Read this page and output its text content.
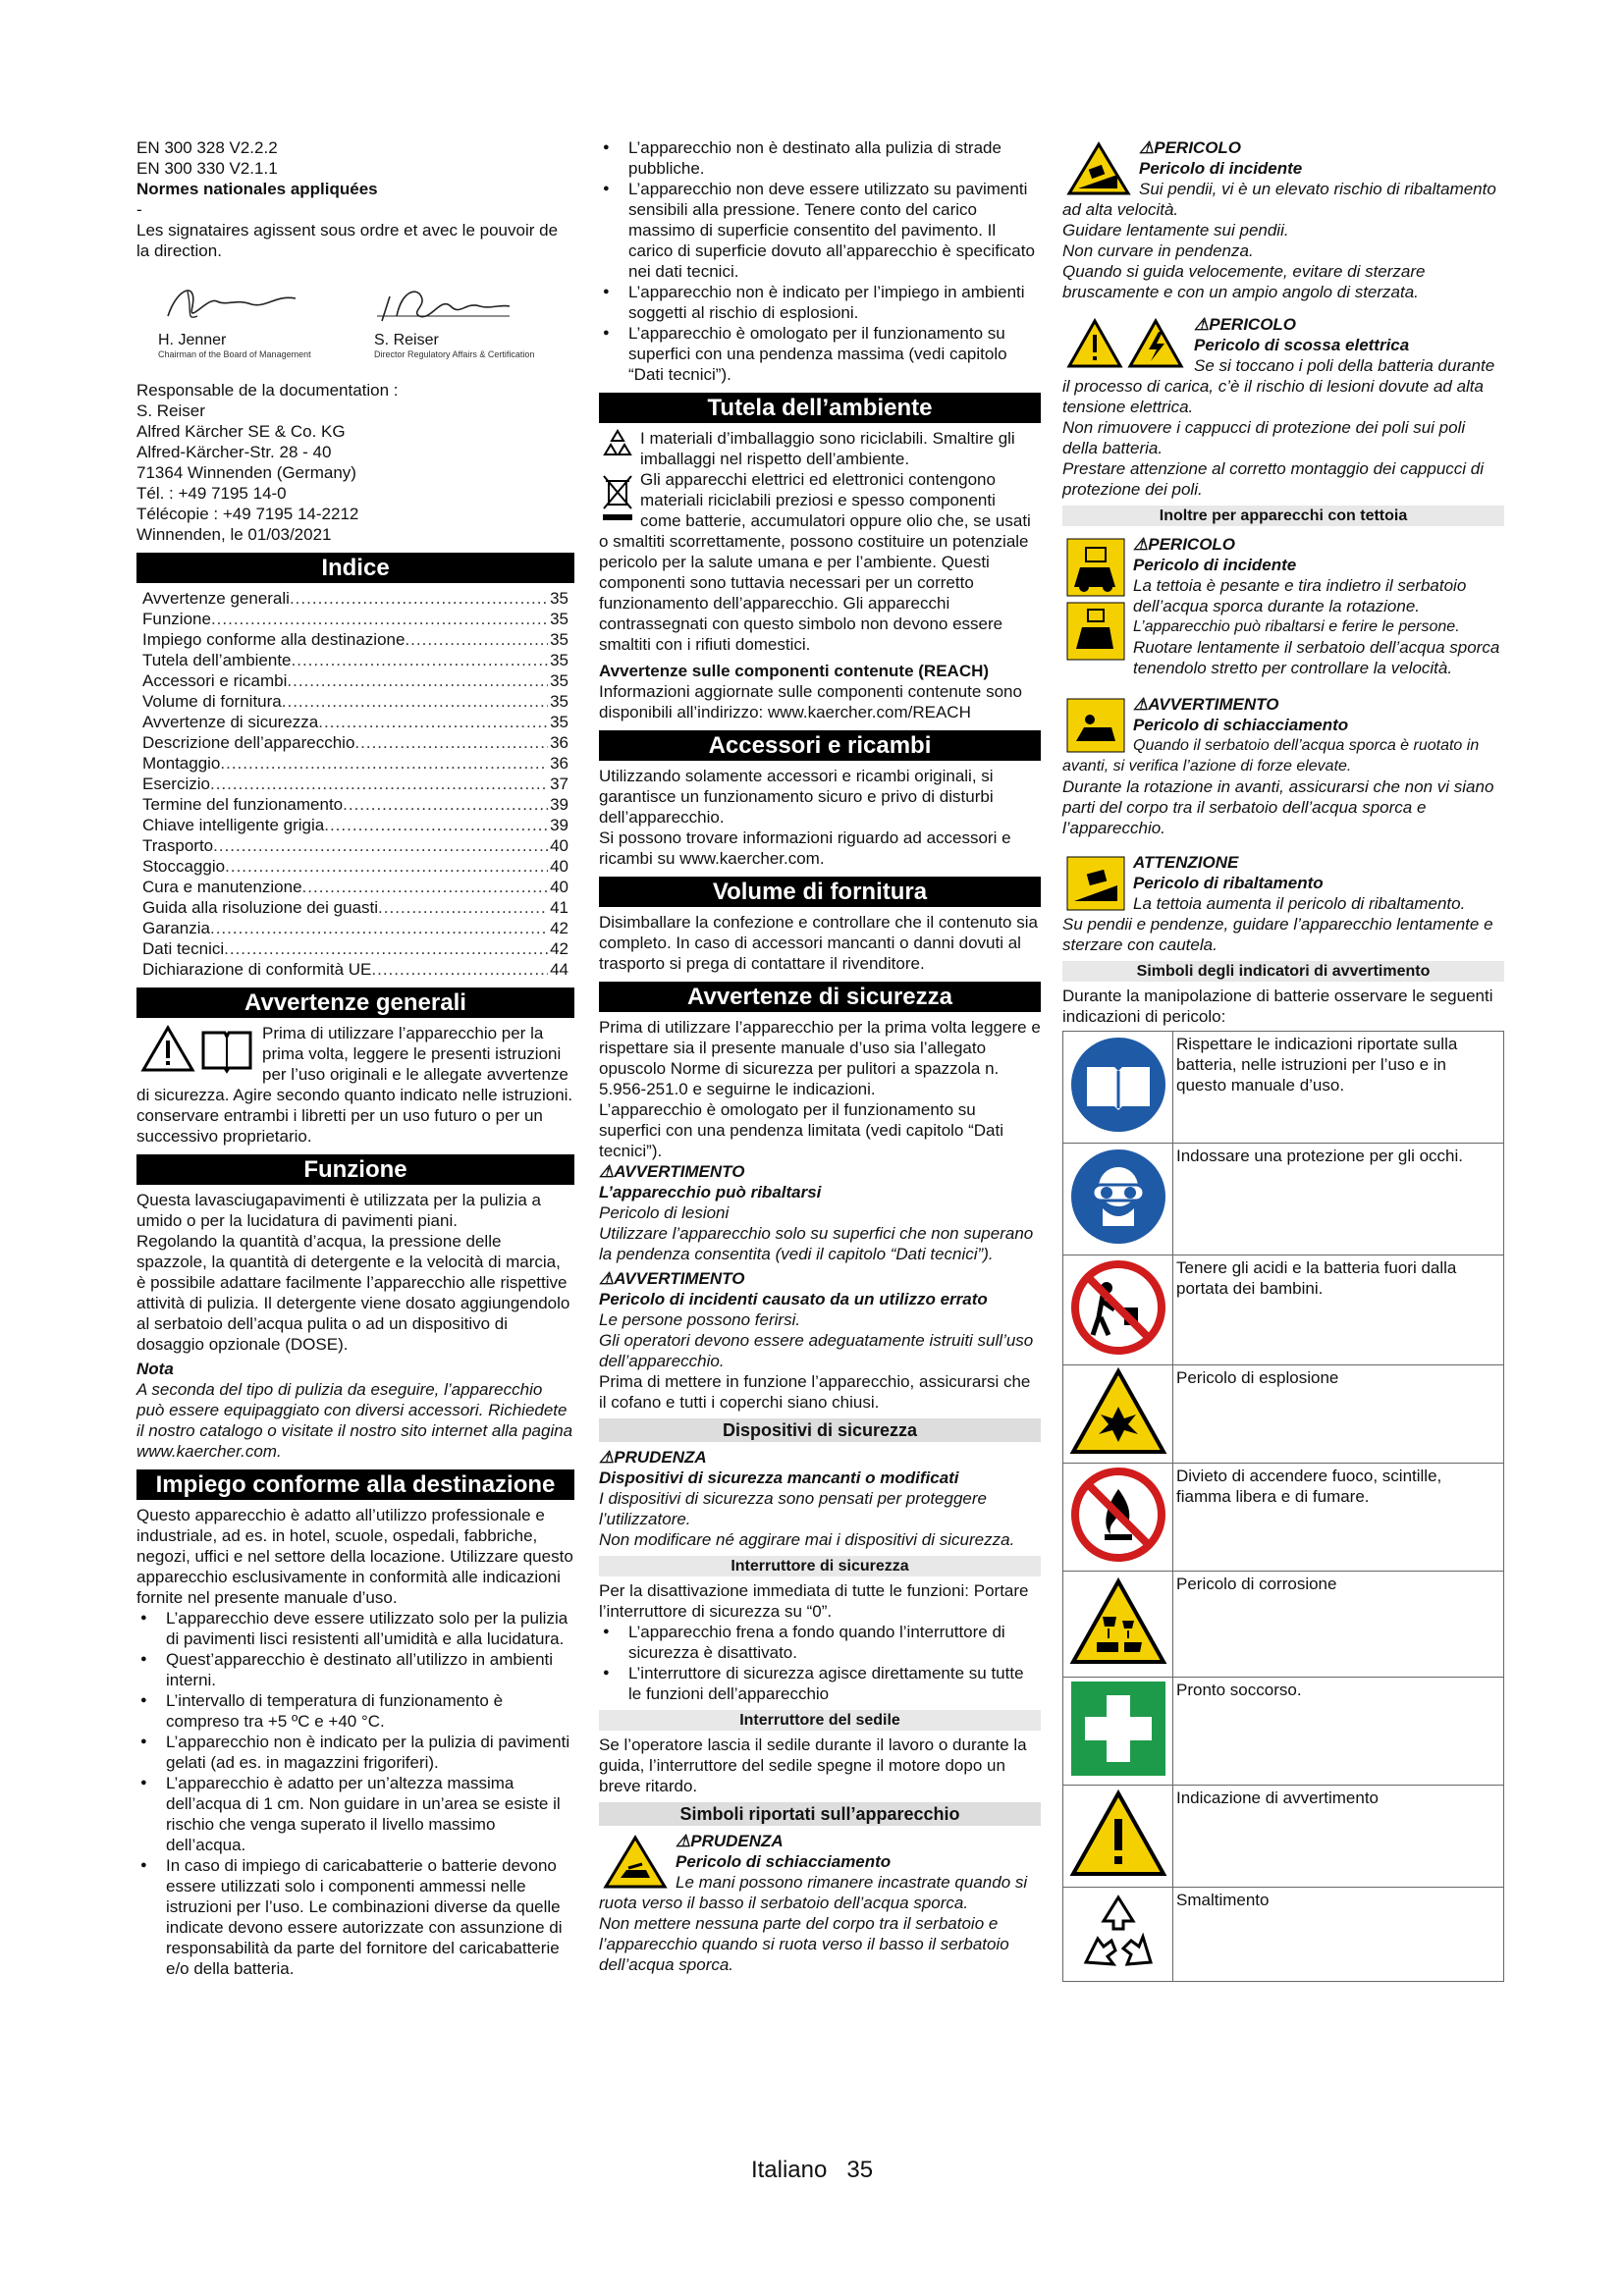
EN 300 328 V2.2.2

EN 300 330 V2.1.1

Normes nationales appliquées

-

Les signataires agissent sous ordre et avec le pouvoir de la direction.

H. Jenner
Chairman of the Board of Management
S. Reiser
Director Regulatory Affairs & Certification

Responsable de la documentation :

S. Reiser

Alfred Kärcher SE & Co. KG

Alfred-Kärcher-Str. 28 - 40

71364 Winnenden (Germany)

Tél. : +49 7195 14-0

Télécopie : +49 7195 14-2212

Winnenden, le 01/03/2021

Indice
Avvertenze generali .....	35
Funzione .....	35
Impiego conforme alla destinazione .....	35
Tutela dell’ambiente .....	35
Accessori e ricambi .....	35
Volume di fornitura .....	35
Avvertenze di sicurezza .....	35
Descrizione dell’apparecchio .....	36
Montaggio .....	36
Esercizio .....	37
Termine del funzionamento .....	39
Chiave intelligente grigia .....	39
Trasporto .....	40
Stoccaggio .....	40
Cura e manutenzione .....	40
Guida alla risoluzione dei guasti .....	41
Garanzia .....	42
Dati tecnici .....	42
Dichiarazione di conformità UE .....	44
Avvertenze generali

Prima di utilizzare l’apparecchio per la prima volta, leggere le presenti istruzioni per l’uso originali e le allegate avvertenze di sicurezza. Agire secondo quanto indicato nelle istruzioni.

conservare entrambi i libretti per un uso futuro o per un successivo proprietario.

Funzione

Questa lavasciugapavimenti è utilizzata per la pulizia a umido o per la lucidatura di pavimenti piani.

Regolando la quantità d’acqua, la pressione delle spazzole, la quantità di detergente e la velocità di marcia, è possibile adattare facilmente l’apparecchio alle rispettive attività di pulizia. Il detergente viene dosato aggiungendolo al serbatoio dell’acqua pulita o ad un dispositivo di dosaggio opzionale (DOSE).

Nota

A seconda del tipo di pulizia da eseguire, l’apparecchio può essere equipaggiato con diversi accessori. Richiedete il nostro catalogo o visitate il nostro sito internet alla pagina www.kaercher.com.

Impiego conforme alla destinazione

Questo apparecchio è adatto all’utilizzo professionale e industriale, ad es. in hotel, scuole, ospedali, fabbriche, negozi, uffici e nel settore della locazione. Utilizzare questo apparecchio esclusivamente in conformità alle indicazioni fornite nel presente manuale d’uso.

● L’apparecchio deve essere utilizzato solo per la pulizia di pavimenti lisci resistenti all’umidità e alla lucidatura.
● Quest’apparecchio è destinato all’utilizzo in ambienti interni.
● L’intervallo di temperatura di funzionamento è compreso tra +5 ºC e +40 °C.
● L’apparecchio non è indicato per la pulizia di pavimenti gelati (ad es. in magazzini frigoriferi).
● L’apparecchio è adatto per un’altezza massima dell’acqua di 1 cm. Non guidare in un’area se esiste il rischio che venga superato il livello massimo dell’acqua.
● In caso di impiego di caricabatterie o batterie devono essere utilizzati solo i componenti ammessi nelle istruzioni per l’uso. Le combinazioni diverse da quelle indicate devono essere autorizzate con assunzione di responsabilità da parte del fornitore del caricabatterie e/o della batteria.
● L’apparecchio non è destinato alla pulizia di strade pubbliche.
● L’apparecchio non deve essere utilizzato su pavimenti sensibili alla pressione. Tenere conto del carico massimo di superficie consentito del pavimento. Il carico di superficie dovuto all’apparecchio è specificato nei dati tecnici.
● L’apparecchio non è indicato per l’impiego in ambienti soggetti al rischio di esplosioni.
● L’apparecchio è omologato per il funzionamento su superfici con una pendenza massima (vedi capitolo “Dati tecnici”).
Tutela dell’ambiente

I materiali d’imballaggio sono riciclabili. Smaltire gli imballaggi nel rispetto dell’ambiente.

Gli apparecchi elettrici ed elettronici contengono materiali riciclabili preziosi e spesso componenti come batterie, accumulatori oppure olio che, se usati o smaltiti scorrettamente, possono costituire un potenziale pericolo per la salute umana e per l’ambiente. Questi componenti sono tuttavia necessari per un corretto funzionamento dell’apparecchio. Gli apparecchi contrassegnati con questo simbolo non devono essere smaltiti con i rifiuti domestici.

Avvertenze sulle componenti contenute (REACH)

Informazioni aggiornate sulle componenti contenute sono disponibili all’indirizzo: www.kaercher.com/REACH

Accessori e ricambi

Utilizzando solamente accessori e ricambi originali, si garantisce un funzionamento sicuro e privo di disturbi dell’apparecchio.

Si possono trovare informazioni riguardo ad accessori e ricambi su www.kaercher.com.

Volume di fornitura

Disimballare la confezione e controllare che il contenuto sia completo. In caso di accessori mancanti o danni dovuti al trasporto si prega di contattare il rivenditore.

Avvertenze di sicurezza

Prima di utilizzare l’apparecchio per la prima volta leggere e rispettare sia il presente manuale d’uso sia l’allegato opuscolo Norme di sicurezza per pulitori a spazzola n. 5.956-251.0 e seguirne le indicazioni.

L’apparecchio è omologato per il funzionamento su superfici con una pendenza limitata (vedi capitolo “Dati tecnici”).

⚠AVVERTIMENTO

L’apparecchio può ribaltarsi

Pericolo di lesioni

Utilizzare l’apparecchio solo su superfici che non superano la pendenza consentita (vedi il capitolo “Dati tecnici”).

⚠AVVERTIMENTO

Pericolo di incidenti causato da un utilizzo errato

Le persone possono ferirsi.

Gli operatori devono essere adeguatamente istruiti sull’uso dell’apparecchio.

Prima di mettere in funzione l’apparecchio, assicurarsi che il cofano e tutti i coperchi siano chiusi.

Dispositivi di sicurezza

⚠PRUDENZA

Dispositivi di sicurezza mancanti o modificati

I dispositivi di sicurezza sono pensati per proteggere l’utilizzatore.

Non modificare né aggirare mai i dispositivi di sicurezza.

Interruttore di sicurezza

Per la disattivazione immediata di tutte le funzioni: Portare l’interruttore di sicurezza su “0”.

● L’apparecchio frena a fondo quando l’interruttore di sicurezza è disattivato.
● L’interruttore di sicurezza agisce direttamente su tutte le funzioni dell’apparecchio
Interruttore del sedile

Se l’operatore lascia il sedile durante il lavoro o durante la guida, l’interruttore del sedile spegne il motore dopo un breve ritardo.

Simboli riportati sull’apparecchio

⚠PRUDENZA

Pericolo di schiacciamento

Le mani possono rimanere incastrate quando si ruota verso il basso il serbatoio dell’acqua sporca.

Non mettere nessuna parte del corpo tra il serbatoio e l’apparecchio quando si ruota verso il basso il serbatoio dell’acqua sporca.

⚠PERICOLO

Pericolo di incidente

Sui pendii, vi è un elevato rischio di ribaltamento ad alta velocità.

Guidare lentamente sui pendii.

Non curvare in pendenza.

Quando si guida velocemente, evitare di sterzare bruscamente e con un ampio angolo di sterzata.

⚠PERICOLO

Pericolo di scossa elettrica

Se si toccano i poli della batteria durante il processo di carica, c’è il rischio di lesioni dovute ad alta tensione elettrica.

Non rimuovere i cappucci di protezione dei poli sui poli della batteria.

Prestare attenzione al corretto montaggio dei cappucci di protezione dei poli.

Inoltre per apparecchi con tettoia

⚠PERICOLO

Pericolo di incidente

La tettoia è pesante e tira indietro il serbatoio dell’acqua sporca durante la rotazione.

L’apparecchio può ribaltarsi e ferire le persone.

Ruotare lentamente il serbatoio dell’acqua sporca tenendolo stretto per controllare la velocità.

⚠AVVERTIMENTO

Pericolo di schiacciamento

Quando il serbatoio dell’acqua sporca è ruotato in avanti, si verifica l’azione di forze elevate.

Durante la rotazione in avanti, assicurarsi che non vi siano parti del corpo tra il serbatoio dell’acqua sporca e l’apparecchio.

ATTENZIONE

Pericolo di ribaltamento

La tettoia aumenta il pericolo di ribaltamento.

Su pendii e pendenze, guidare l’apparecchio lentamente e sterzare con cautela.

Simboli degli indicatori di avvertimento

Durante la manipolazione di batterie osservare le seguenti indicazioni di pericolo:

	Rispettare le indicazioni riportate sulla batteria, nelle istruzioni per l’uso e in questo manuale d’uso.
	Indossare una protezione per gli occhi.
	Tenere gli acidi e la batteria fuori dalla portata dei bambini.
	Pericolo di esplosione
	Divieto di accendere fuoco, scintille, fiamma libera e di fumare.
	Pericolo di corrosione
	Pronto soccorso.
	Indicazione di avvertimento
	Smaltimento
Italiano 35
